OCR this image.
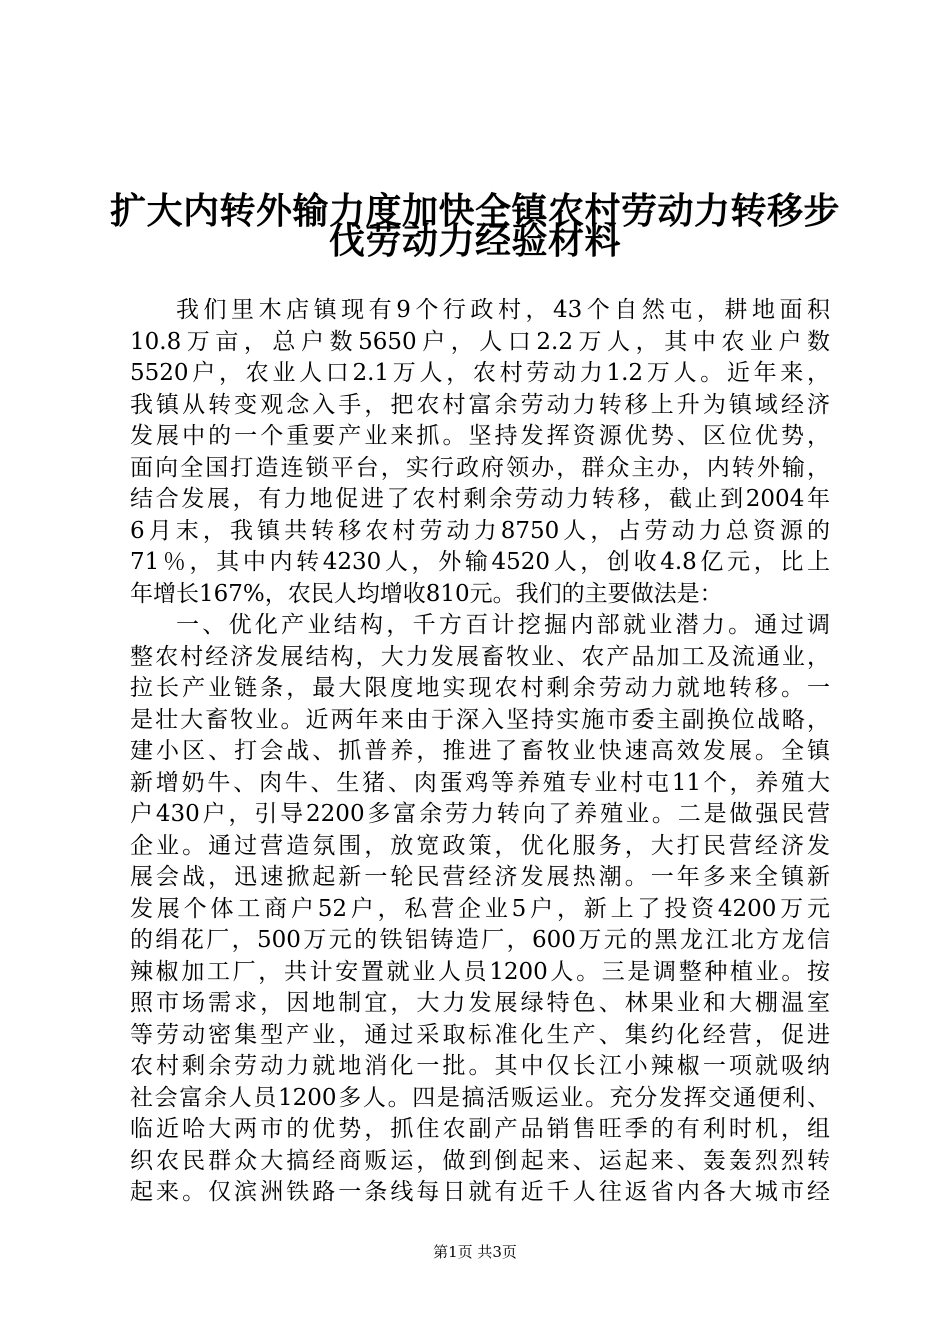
扩大内转外输力度加快全镇农村劳动力转移步
伐劳动力经验材料
我们里木店镇现有9个行政村，43个自然屯，耕地面积
10.8万亩，总户数5650户，人口2.2万人，其中农业户数
5520户，农业人口2.1万人，农村劳动力1.2万人。近年来，
我镇从转变观念入手，把农村富余劳动力转移上升为镇域经济
发展中的一个重要产业来抓。坚持发挥资源优势、区位优势，
面向全国打造连锁平台，实行政府领办，群众主办，内转外输，
结合发展，有力地促进了农村剩余劳动力转移，截止到2004年
6月末，我镇共转移农村劳动力8750人，占劳动力总资源的
71％，其中内转4230人，外输4520人，创收4.8亿元，比上
年增长167%，农民人均增收810元。我们的主要做法是：
一、优化产业结构，千方百计挖掘内部就业潜力。通过调
整农村经济发展结构，大力发展畜牧业、农产品加工及流通业，
拉长产业链条，最大限度地实现农村剩余劳动力就地转移。一
是壮大畜牧业。近两年来由于深入坚持实施市委主副换位战略，
建小区、打会战、抓普养，推进了畜牧业快速高效发展。全镇
新增奶牛、肉牛、生猪、肉蛋鸡等养殖专业村屯11个，养殖大
户430户，引导2200多富余劳力转向了养殖业。二是做强民营
企业。通过营造氛围，放宽政策，优化服务，大打民营经济发
展会战，迅速掀起新一轮民营经济发展热潮。一年多来全镇新
发展个体工商户52户，私营企业5户，新上了投资4200万元
的绢花厂，500万元的铁铝铸造厂，600万元的黑龙江北方龙信
辣椒加工厂，共计安置就业人员1200人。三是调整种植业。按
照市场需求，因地制宜，大力发展绿特色、林果业和大棚温室
等劳动密集型产业，通过采取标准化生产、集约化经营，促进
农村剩余劳动力就地消化一批。其中仅长江小辣椒一项就吸纳
社会富余人员1200多人。四是搞活贩运业。充分发挥交通便利、
临近哈大两市的优势，抓住农副产品销售旺季的有利时机，组
织农民群众大搞经商贩运，做到倒起来、运起来、轰轰烈烈转
起来。仅滨洲铁路一条线每日就有近千人往返省内各大城市经
第1页 共3页
